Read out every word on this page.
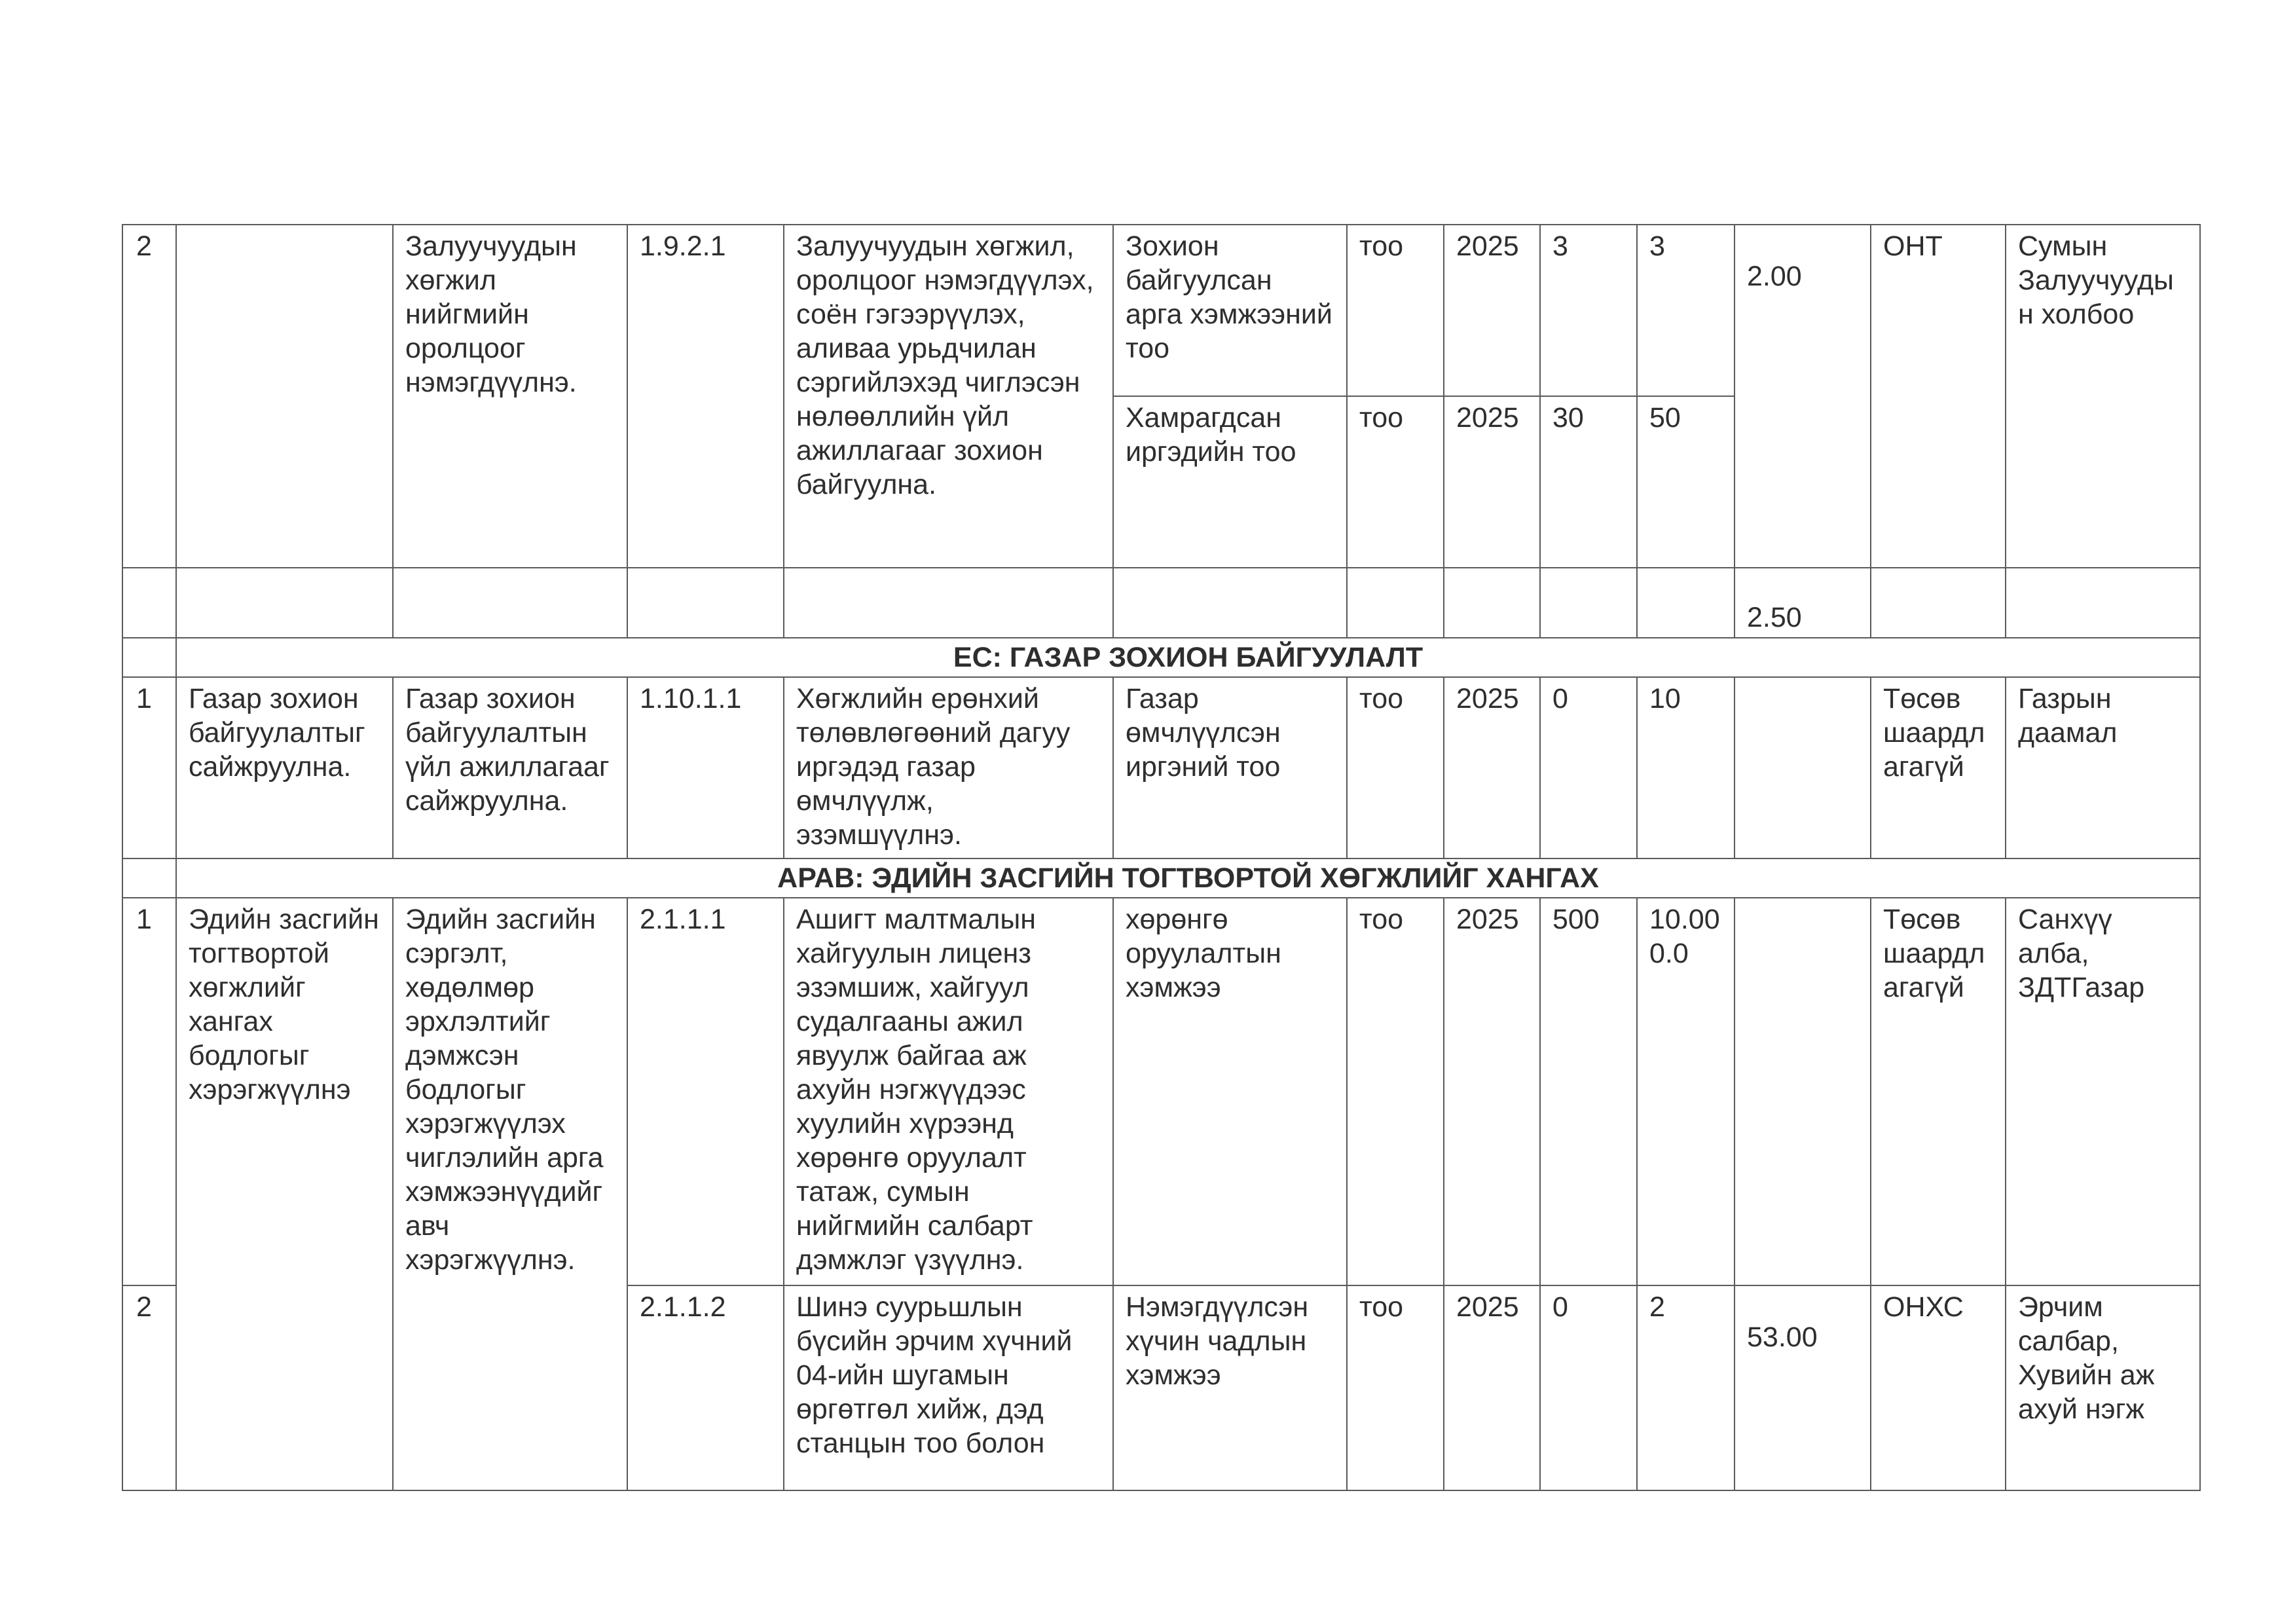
2		Залуучуудын хөгжил нийгмийн оролцоог нэмэгдүүлнэ.	1.9.2.1	Залуучуудын хөгжил, оролцоог нэмэгдүүлэх, соён гэгээрүүлэх, аливаа урьдчилан сэргийлэхэд чиглэсэн нөлөөллийн үйл ажиллагааг зохион байгуулна.	Зохион байгуулсан арга хэмжээний тоо	тоо	2025	3	3	2.00	ОНТ	Сумын Залуучуудын холбоо
					Хамрагдсан иргэдийн тоо	тоо	2025	30	50			
										2.50		
	ЕС: ГАЗАР ЗОХИОН БАЙГУУЛАЛТ											
1	Газар зохион байгуулалтыг сайжруулна.	Газар зохион байгуулалтын үйл ажиллагааг сайжруулна.	1.10.1.1	Хөгжлийн ерөнхий төлөвлөгөөний дагуу иргэдэд газар өмчлүүлж, эзэмшүүлнэ.	Газар өмчлүүлсэн иргэний тоо	тоо	2025	0	10		Төсөв шаардлагагүй	Газрын даамал
	АРАВ: ЭДИЙН ЗАСГИЙН ТОГТВОРТОЙ ХӨГЖЛИЙГ ХАНГАХ											
1	Эдийн засгийн тогтвортой хөгжлийг хангах бодлогыг хэрэгжүүлнэ	Эдийн засгийн сэргэлт, хөдөлмөр эрхлэлтийг дэмжсэн бодлогыг хэрэгжүүлэх чиглэлийн арга хэмжээнүүдийг авч хэрэгжүүлнэ.	2.1.1.1	Ашигт малтмалын хайгуулын лиценз эзэмшиж, хайгуул судалгааны ажил явуулж байгаа аж ахуйн нэгжүүдээс хуулийн хүрээнд хөрөнгө оруулалт татаж, сумын нийгмийн салбарт дэмжлэг үзүүлнэ.	хөрөнгө оруулалтын хэмжээ	тоо	2025	500	10.000.0		Төсөв шаардлагагүй	Санхүү алба, ЗДТГазар
2			2.1.1.2	Шинэ суурьшлын бүсийн эрчим хүчний 04-ийн шугамын өргөтгөл хийж, дэд станцын тоо болон	Нэмэгдүүлсэн хүчин чадлын хэмжээ	тоо	2025	0	2	53.00	ОНХС	Эрчим салбар, Хувийн аж ахуй нэгж
